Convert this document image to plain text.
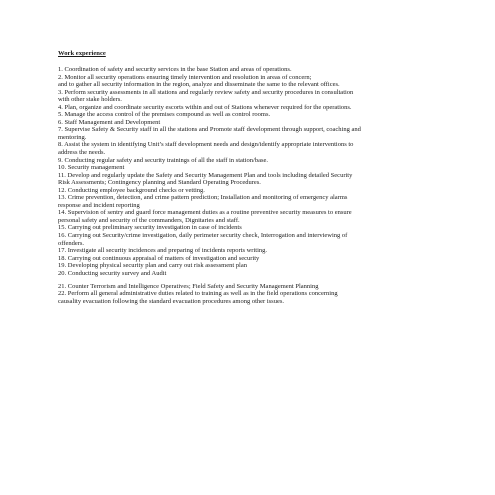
Work experience
1. Coordination of safety and security services in the base Station and areas of operations.
2. Monitor all security operations ensuring timely intervention and resolution in areas of concern;
and to gather all security information in the region, analyze and disseminate the same to the relevant offices.
3. Perform security assessments in all stations and regularly review safety and security procedures in consultation
with other stake holders.
4. Plan, organize and coordinate security escorts within and out of Stations whenever required for the operations.
5. Manage the access control of the premises compound as well as control rooms.
6. Staff Management and Development
7. Supervise Safety & Security staff in all the stations and Promote staff development through support, coaching and
mentoring.
8. Assist the system in identifying Unit’s staff development needs and design/identify appropriate interventions to
address the needs.
9. Conducting regular safety and security trainings of all the staff in station/base.
10. Security management
11. Develop and regularly update the Safety and Security Management Plan and tools including detailed Security
Risk Assessments; Contingency planning and Standard Operating Procedures.
12. Conducting employee background checks or vetting.
13. Crime prevention, detection, and crime pattern prediction; Installation and monitoring of emergency alarms
response and incident reporting
14. Supervision of sentry and guard force management duties as a routine preventive security measures to ensure
personal safety and security of the commanders, Dignitaries and staff.
15. Carrying out preliminary security investigation in case of incidents
16. Carrying out Security/crime investigation, daily perimeter security check, Interrogation and interviewing of
offenders.
17. Investigate all security incidences and preparing of incidents reports writing.
18. Carrying out continuous appraisal of matters of investigation and security
19. Developing physical security plan and carry out risk assessment plan
20. Conducting security survey and Audit
21. Counter Terrorism and Intelligence Operatives; Field Safety and Security Management Planning
22. Perform all general administrative duties related to training as well as in the field operations concerning
causality evacuation following the standard evacuation procedures among other issues.
